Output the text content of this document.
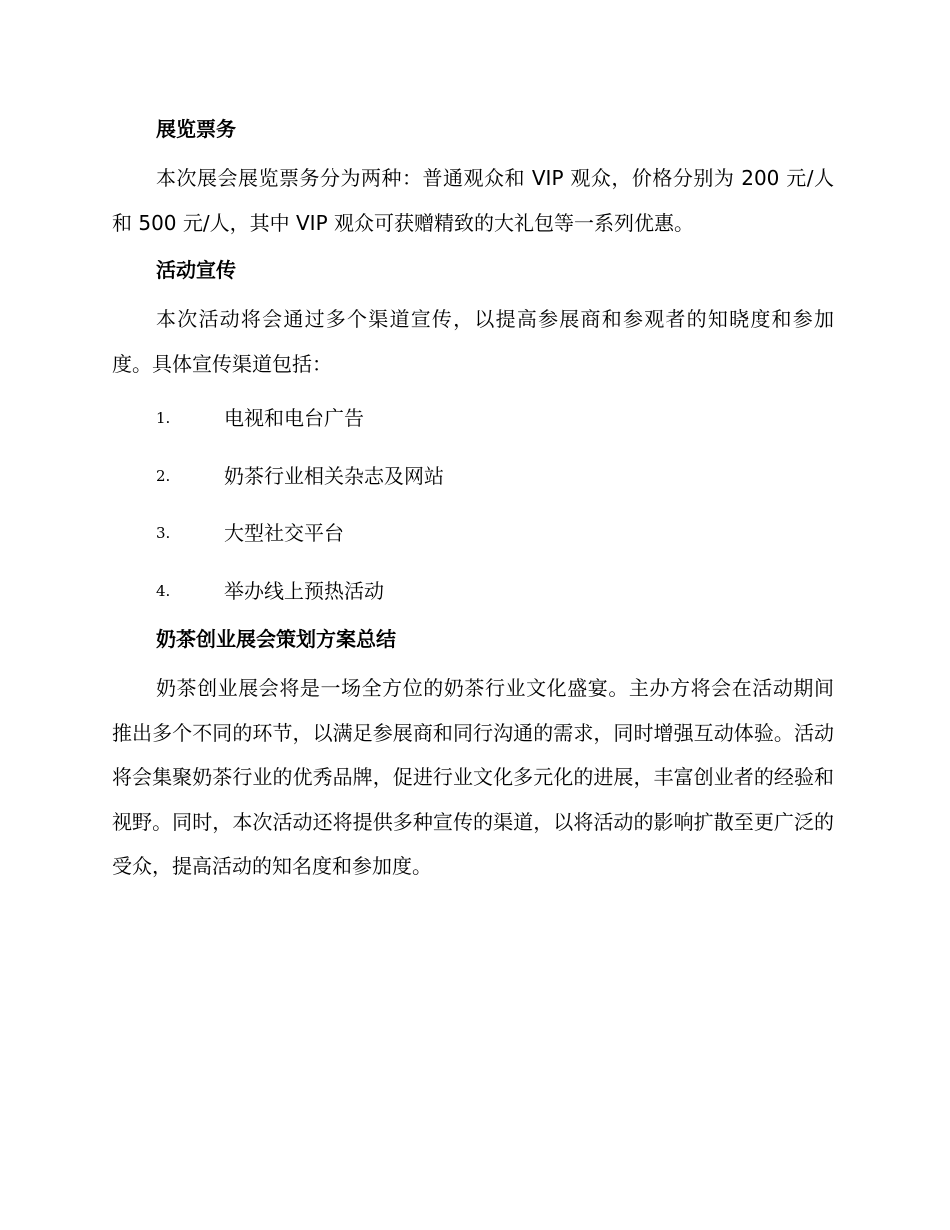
展览票务

本次展会展览票务分为两种：普通观众和 VIP 观众，价格分别为 200 元/人和 500 元/人，其中 VIP 观众可获赠精致的大礼包等一系列优惠。

活动宣传

本次活动将会通过多个渠道宣传，以提高参展商和参观者的知晓度和参加度。具体宣传渠道包括：

1.	电视和电台广告
2.	奶茶行业相关杂志及网站
3.	大型社交平台
4.	举办线上预热活动
奶茶创业展会策划方案总结

奶茶创业展会将是一场全方位的奶茶行业文化盛宴。主办方将会在活动期间推出多个不同的环节，以满足参展商和同行沟通的需求，同时增强互动体验。活动将会集聚奶茶行业的优秀品牌，促进行业文化多元化的进展，丰富创业者的经验和视野。同时，本次活动还将提供多种宣传的渠道，以将活动的影响扩散至更广泛的受众，提高活动的知名度和参加度。
